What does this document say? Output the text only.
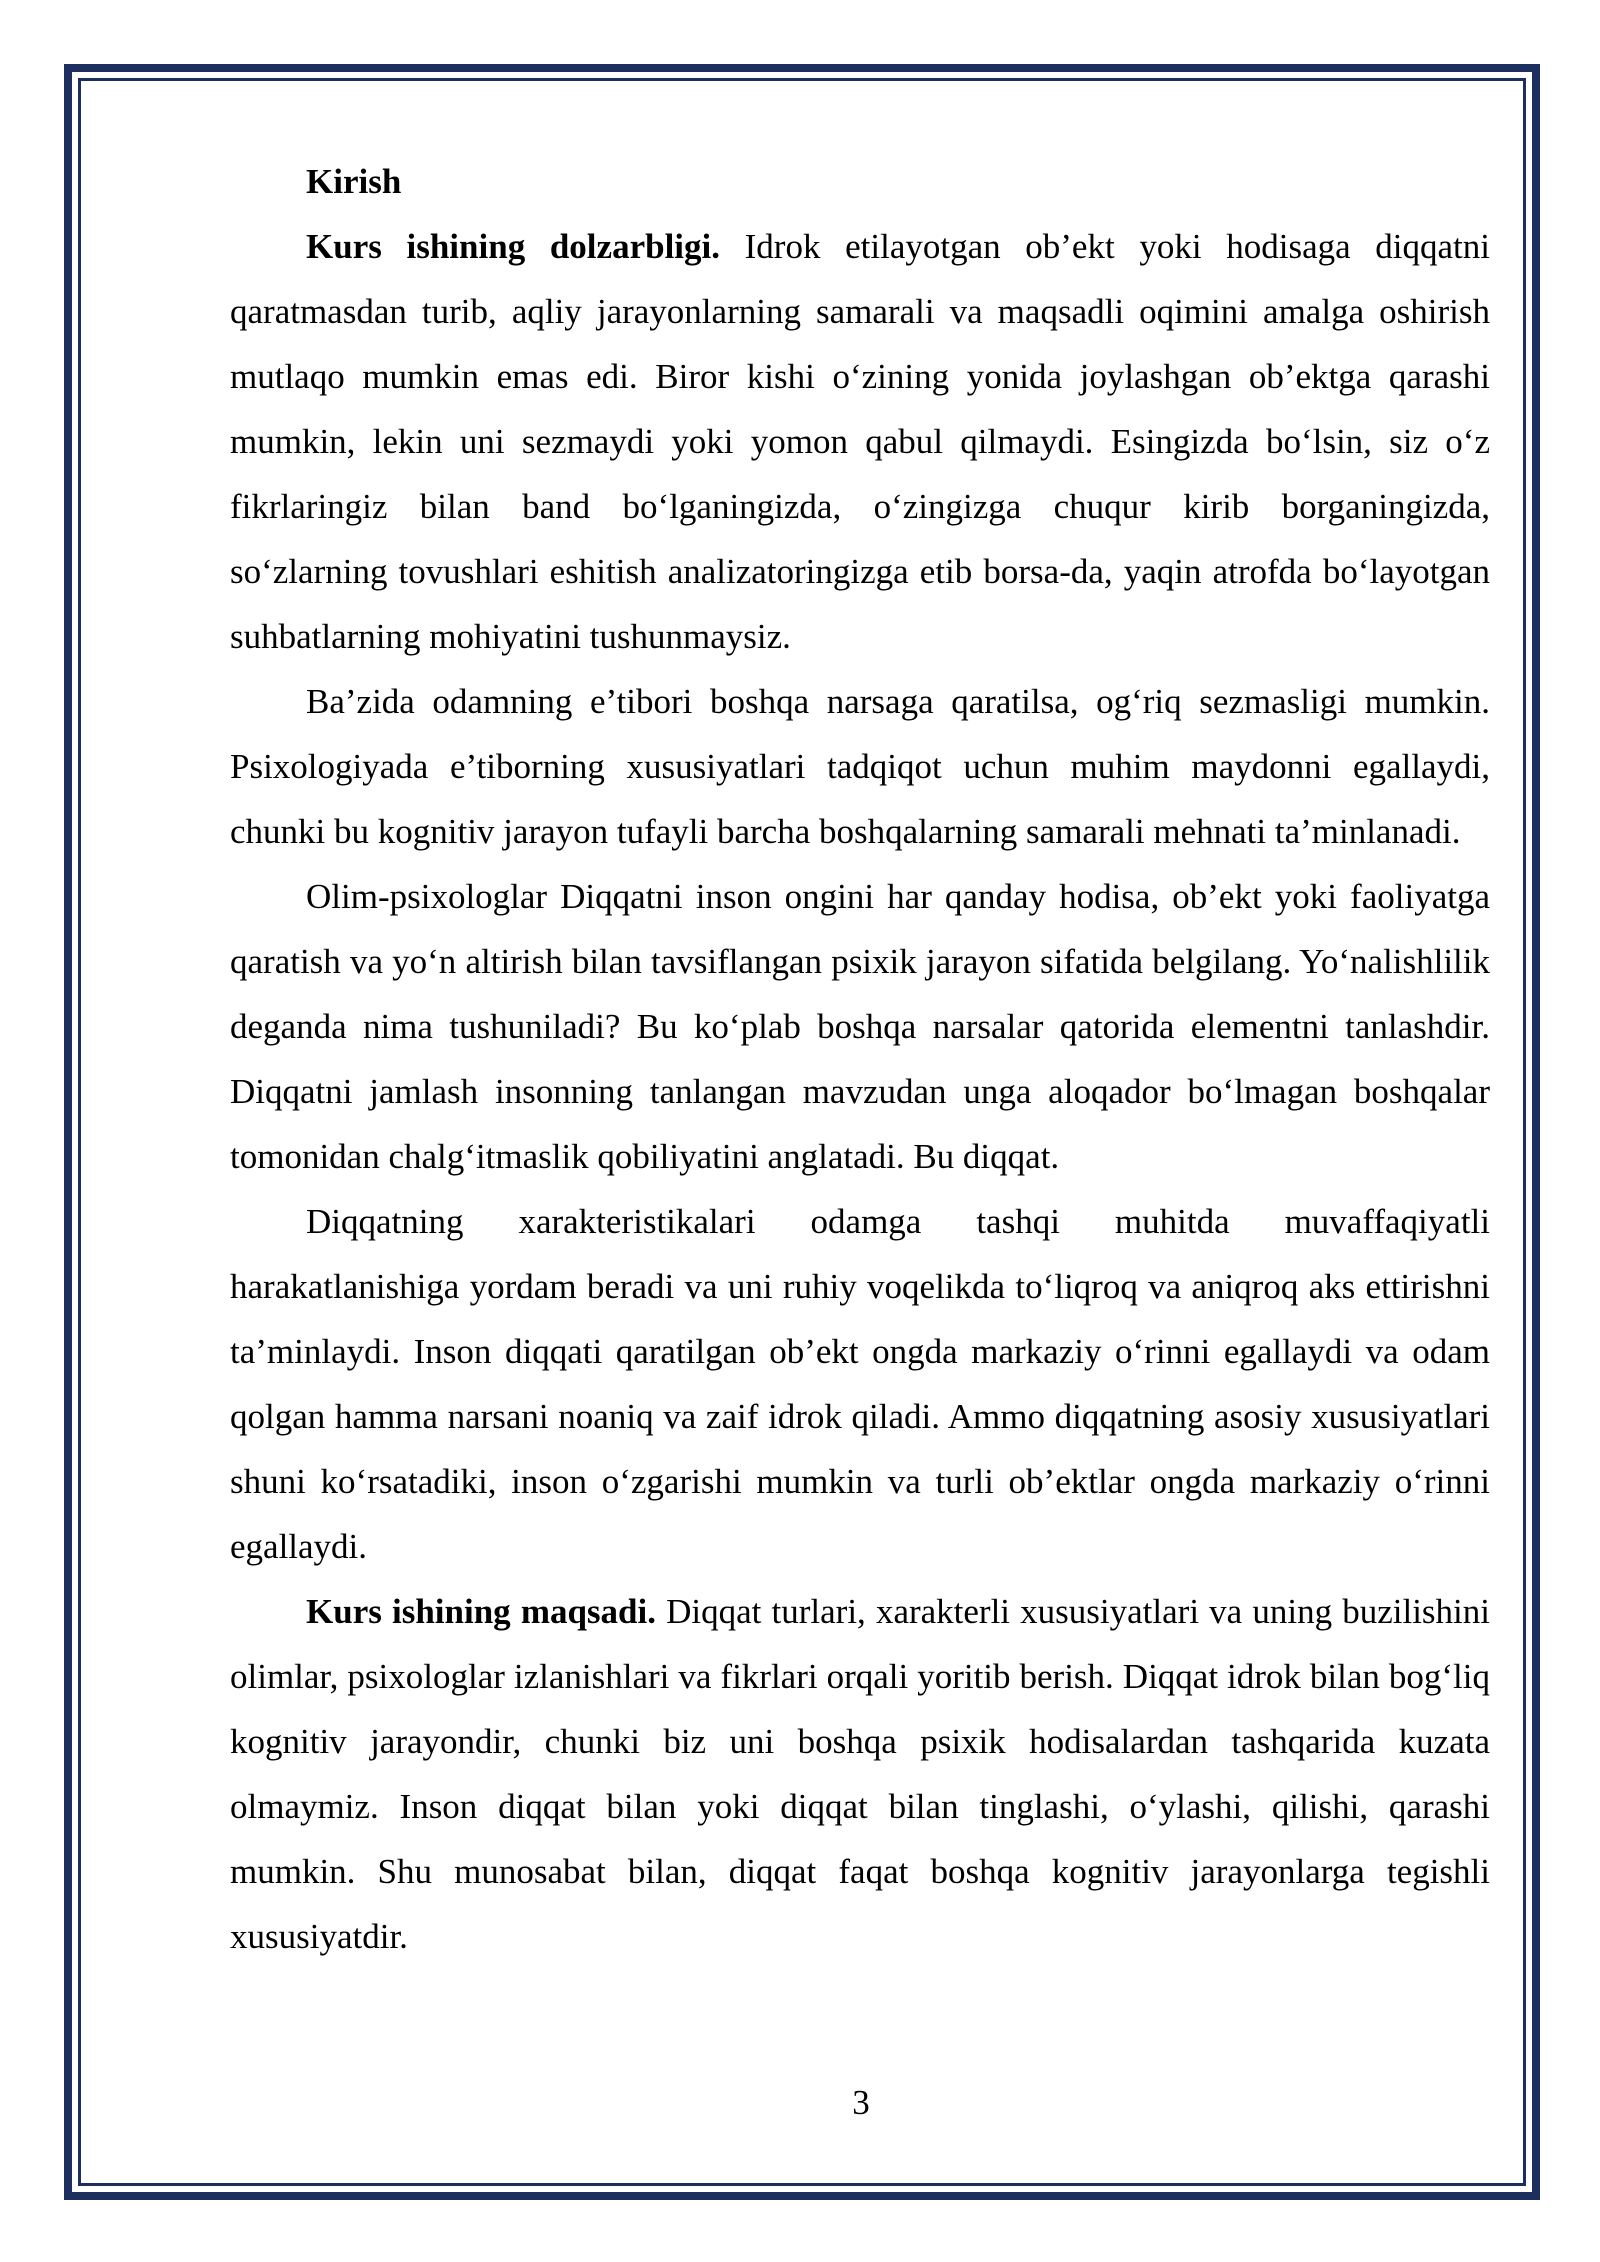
Kirish

Kurs ishining dolzarbligi. Idrok etilayotgan ob’ekt yoki hodisaga diqqatni qaratmasdan turib, aqliy jarayonlarning samarali va maqsadli oqimini amalga oshirish mutlaqo mumkin emas edi. Biror kishi o‘zining yonida joylashgan ob’ektga qarashi mumkin, lekin uni sezmaydi yoki yomon qabul qilmaydi. Esingizda bo‘lsin, siz o‘z fikrlaringiz bilan band bo‘lganingizda, o‘zingizga chuqur kirib borganingizda, so‘zlarning tovushlari eshitish analizatoringizga etib borsa-da, yaqin atrofda bo‘layotgan suhbatlarning mohiyatini tushunmaysiz.

Ba’zida odamning e’tibori boshqa narsaga qaratilsa, og‘riq sezmasligi mumkin. Psixologiyada e’tiborning xususiyatlari tadqiqot uchun muhim maydonni egallaydi, chunki bu kognitiv jarayon tufayli barcha boshqalarning samarali mehnati ta’minlanadi.

Olim-psixologlar Diqqatni inson ongini har qanday hodisa, ob’ekt yoki faoliyatga qaratish va yo‘n altirish bilan tavsiflangan psixik jarayon sifatida belgilang. Yo‘nalishlilik deganda nima tushuniladi? Bu ko‘plab boshqa narsalar qatorida elementni tanlashdir. Diqqatni jamlash insonning tanlangan mavzudan unga aloqador bo‘lmagan boshqalar tomonidan chalg‘itmaslik qobiliyatini anglatadi. Bu diqqat.

Diqqatning xarakteristikalari odamga tashqi muhitda muvaffaqiyatli harakatlanishiga yordam beradi va uni ruhiy voqelikda to‘liqroq va aniqroq aks ettirishni ta’minlaydi. Inson diqqati qaratilgan ob’ekt ongda markaziy o‘rinni egallaydi va odam qolgan hamma narsani noaniq va zaif idrok qiladi. Ammo diqqatning asosiy xususiyatlari shuni ko‘rsatadiki, inson o‘zgarishi mumkin va turli ob’ektlar ongda markaziy o‘rinni egallaydi.

Kurs ishining maqsadi. Diqqat turlari, xarakterli xususiyatlari va uning buzilishini olimlar, psixologlar izlanishlari va fikrlari orqali yoritib berish. Diqqat idrok bilan bog‘liq kognitiv jarayondir, chunki biz uni boshqa psixik hodisalardan tashqarida kuzata olmaymiz. Inson diqqat bilan yoki diqqat bilan tinglashi, o‘ylashi, qilishi, qarashi mumkin. Shu munosabat bilan, diqqat faqat boshqa kognitiv jarayonlarga tegishli xususiyatdir.

3
